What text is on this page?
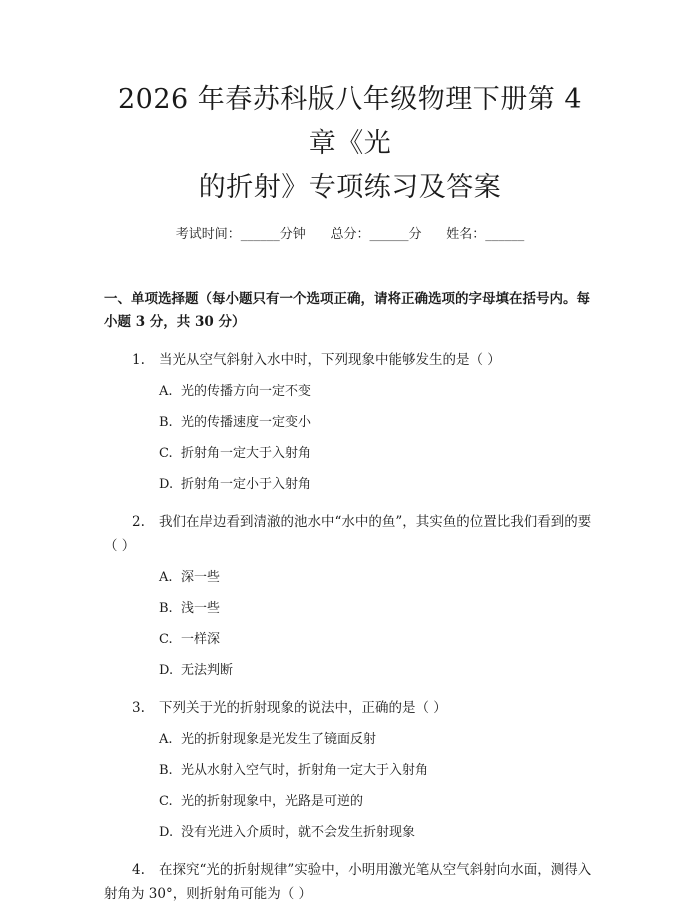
2026 年春苏科版八年级物理下册第 4 章《光
的折射》专项练习及答案
考试时间：______分钟      总分：______分      姓名：______
一、单项选择题（每小题只有一个选项正确，请将正确选项的字母填在括号内。每小题 3 分，共 30 分）
1. 当光从空气斜射入水中时，下列现象中能够发生的是（ ）
A. 光的传播方向一定不变
B. 光的传播速度一定变小
C. 折射角一定大于入射角
D. 折射角一定小于入射角
2. 我们在岸边看到清澈的池水中“水中的鱼”，其实鱼的位置比我们看到的要（ ）
A. 深一些
B. 浅一些
C. 一样深
D. 无法判断
3. 下列关于光的折射现象的说法中，正确的是（ ）
A. 光的折射现象是光发生了镜面反射
B. 光从水射入空气时，折射角一定大于入射角
C. 光的折射现象中，光路是可逆的
D. 没有光进入介质时，就不会发生折射现象
4. 在探究“光的折射规律”实验中，小明用激光笔从空气斜射向水面，测得入射角为 30°，则折射角可能为（ ）
